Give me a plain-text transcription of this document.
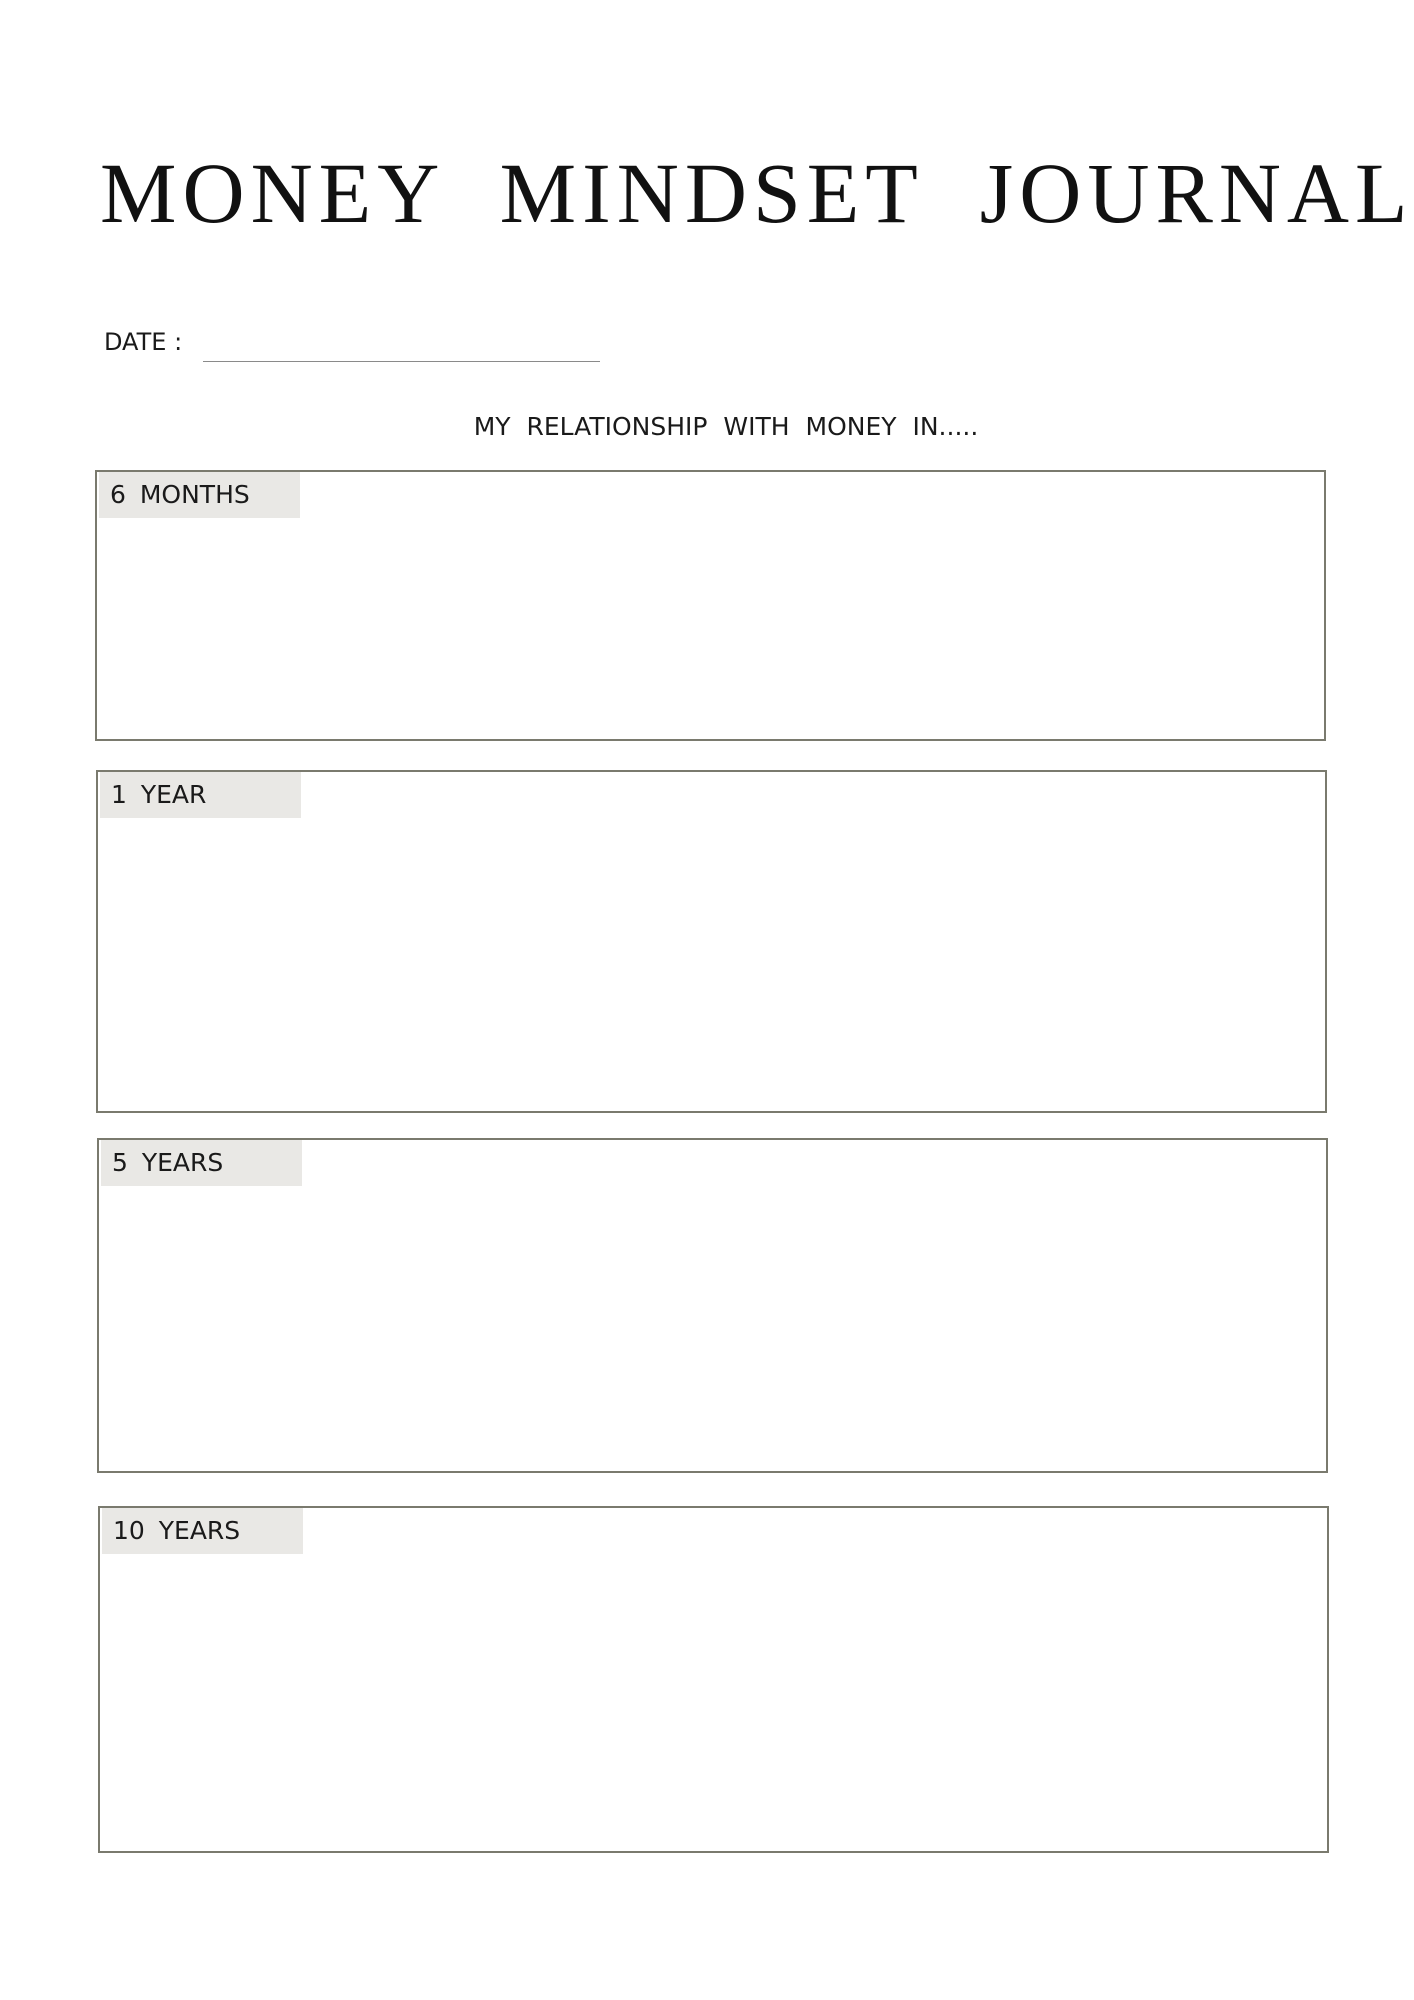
MONEY MINDSET JOURNAL
DATE :
MY RELATIONSHIP WITH MONEY IN.....
6 MONTHS
1 YEAR
5 YEARS
10 YEARS
